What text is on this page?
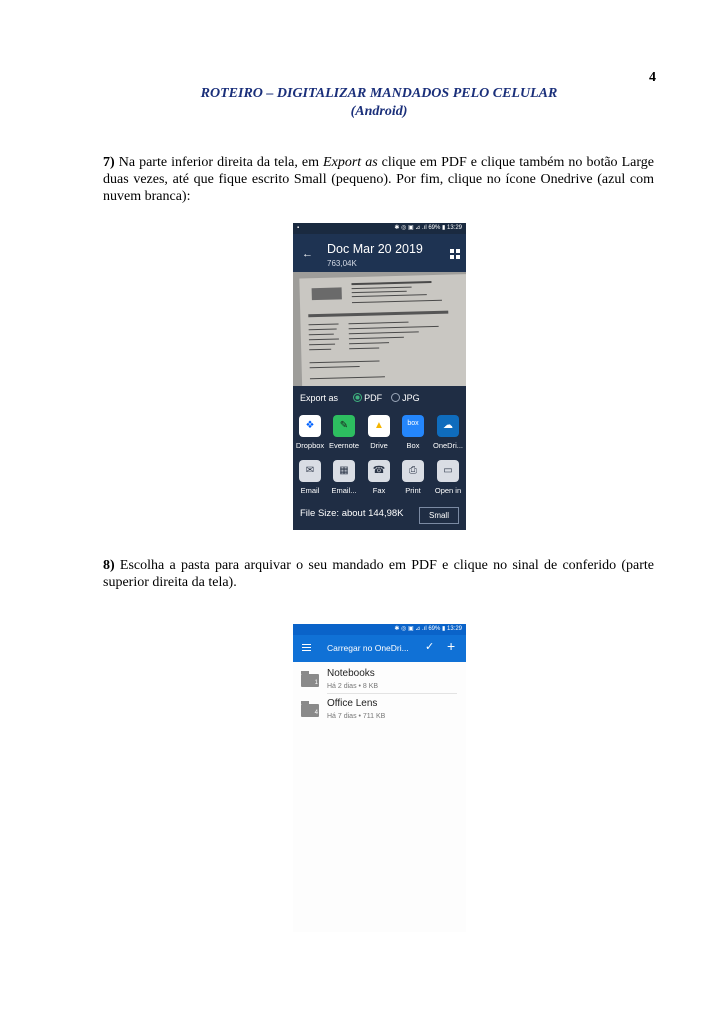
4
ROTEIRO – DIGITALIZAR MANDADOS PELO CELULAR
(Android)
7) Na parte inferior direita da tela, em Export as clique em PDF e clique também no botão Large duas vezes, até que fique escrito Small (pequeno). Por fim, clique no ícone Onedrive (azul com nuvem branca):
▪	✱ ◎ ▣ ⊿ .ıl 69% ▮ 13:29
← Doc Mar 20 2019
763,04K
Export as	PDF JPG
❖
Dropbox
✎
Evernote
▲
Drive
box
Box
☁
OneDri...
✉
Email
▦
Email...
☎
Fax
⎙
Print
▭
Open in
File Size: about 144,98K	Small
8) Escolha a pasta para arquivar o seu mandado em PDF e clique no sinal de conferido (parte superior direita da tela).
✱ ◎ ▣ ⊿ .ıl 69% ▮ 13:29
Carregar no OneDri... ✓ +
1
Notebooks
Há 2 dias • 8 KB
4
Office Lens
Há 7 dias • 711 KB
